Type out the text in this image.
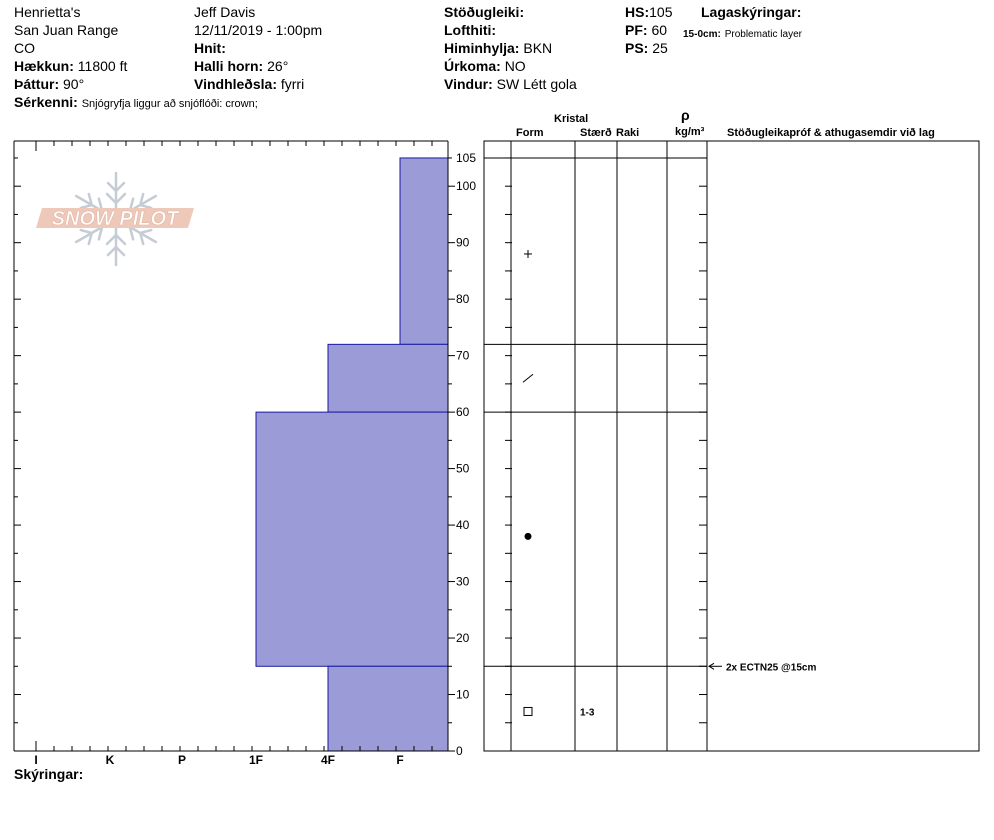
Henrietta's
San Juan Range
CO
Hækkun: 11800 ft
Þáttur: 90°
Sérkenni: Snjógryfja liggur að snjóflóði: crown;
Jeff Davis
12/11/2019 - 1:00pm
Hnit:
Halli horn: 26°
Vindhleðsla: fyrri
Stöðugleiki:
Lofthiti:
Himinhylja: BKN
Úrkoma: NO
Vindur: SW Létt gola
HS:105
PF: 60
PS: 25
Lagaskýringar:
15-0cm: Problematic layer
Kristal
Form	Stærð Raki
ρ
kg/m³ Stöðugleikapróf & athugasemdir við lag
SNOW PILOT
0
10
20
30
40
50
60
70
80
90
100
105
I	K	P	1F	4F	F
1-3
2x ECTN25 @15cm
Skýringar:
